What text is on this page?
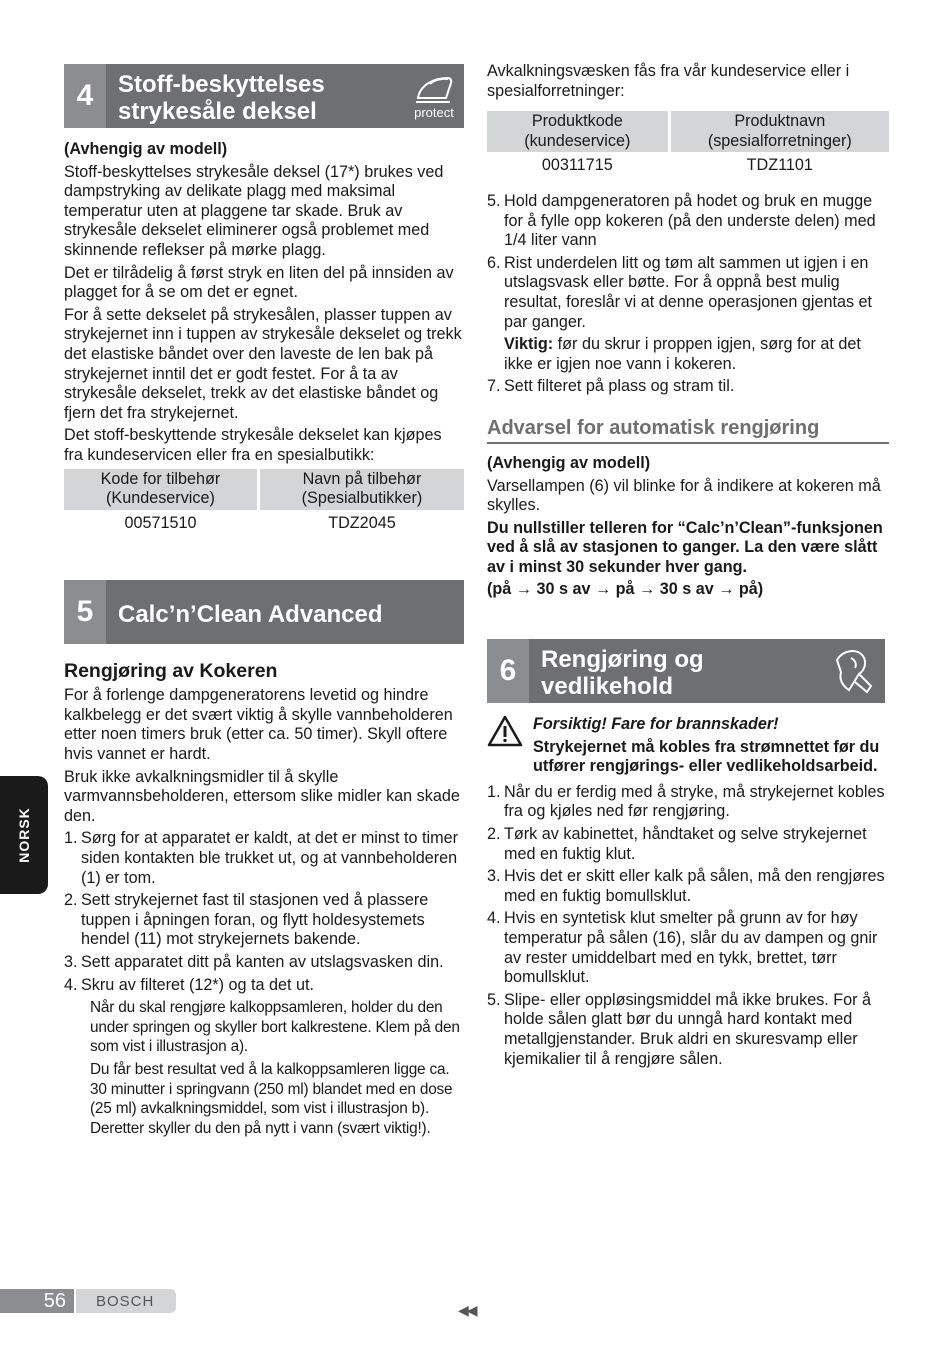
4	Stoff-beskyttelses strykesåle deksel	protect

(Avhengig av modell)

Stoff-beskyttelses strykesåle deksel (17*) brukes ved dampstryking av delikate plagg med maksimal temperatur uten at plaggene tar skade. Bruk av strykesåle dekselet eliminerer også problemet med skinnende reflekser på mørke plagg.

Det er tilrådelig å først stryk en liten del på innsiden av plagget for å se om det er egnet.

For å sette dekselet på strykesålen, plasser tuppen av strykejernet inn i tuppen av strykesåle dekselet og trekk det elastiske båndet over den laveste de len bak på strykejernet inntil det er godt festet. For å ta av strykesåle dekselet, trekk av det elastiske båndet og fjern det fra strykejernet.

Det stoff-beskyttende strykesåle dekselet kan kjøpes fra kundeservicen eller fra en spesialbutikk:

Kode for tilbehør (Kundeservice)	Navn på tilbehør (Spesialbutikker)
00571510	TDZ2045
5	Calc’n’Clean Advanced

Rengjøring av Kokeren

For å forlenge dampgeneratorens levetid og hindre kalkbelegg er det svært viktig å skylle vannbeholderen etter noen timers bruk (etter ca. 50 timer). Skyll oftere hvis vannet er hardt.

Bruk ikke avkalkningsmidler til å skylle varmvannsbeholderen, ettersom slike midler kan skade den.

1. Sørg for at apparatet er kaldt, at det er minst to timer siden kontakten ble trukket ut, og at vannbeholderen (1) er tom.
2. Sett strykejernet fast til stasjonen ved å plassere tuppen i åpningen foran, og flytt holdesystemets hendel (11) mot strykejernets bakende.
3. Sett apparatet ditt på kanten av utslagsvasken din.
4. Skru av filteret (12*) og ta det ut.

Når du skal rengjøre kalkoppsamleren, holder du den under springen og skyller bort kalkrestene. Klem på den som vist i illustrasjon a).

Du får best resultat ved å la kalkoppsamleren ligge ca. 30 minutter i springvann (250 ml) blandet med en dose (25 ml) avkalkningsmiddel, som vist i illustrasjon b). Deretter skyller du den på nytt i vann (svært viktig!).

Avkalkningsvæsken fås fra vår kundeservice eller i spesialforretninger:

Produktkode (kundeservice)	Produktnavn (spesialforretninger)
00311715	TDZ1101
5. Hold dampgeneratoren på hodet og bruk en mugge for å fylle opp kokeren (på den underste delen) med 1/4 liter vann
6. Rist underdelen litt og tøm alt sammen ut igjen i en utslagsvask eller bøtte. For å oppnå best mulig resultat, foreslår vi at denne operasjonen gjentas et par ganger.
Viktig: før du skrur i proppen igjen, sørg for at det ikke er igjen noe vann i kokeren.
7. Sett filteret på plass og stram til.
Advarsel for automatisk rengjøring

(Avhengig av modell)

Varsellampen (6) vil blinke for å indikere at kokeren må skylles.

Du nullstiller telleren for “Calc’n’Clean”-funksjonen ved å slå av stasjonen to ganger. La den være slått av i minst 30 sekunder hver gang.

(på → 30 s av → på → 30 s av → på)

6	Rengjøring og vedlikehold

Forsiktig! Fare for brannskader!

Strykejernet må kobles fra strømnettet før du utfører rengjørings- eller vedlikeholdsarbeid.

1. Når du er ferdig med å stryke, må strykejernet kobles fra og kjøles ned før rengjøring.
2. Tørk av kabinettet, håndtaket og selve strykejernet med en fuktig klut.
3. Hvis det er skitt eller kalk på sålen, må den rengjøres med en fuktig bomullsklut.
4. Hvis en syntetisk klut smelter på grunn av for høy temperatur på sålen (16), slår du av dampen og gnir av rester umiddelbart med en tykk, brettet, tørr bomullsklut.
5. Slipe- eller oppløsingsmiddel må ikke brukes. For å holde sålen glatt bør du unngå hard kontakt med metallgjenstander. Bruk aldri en skuresvamp eller kjemikalier til å rengjøre sålen.
NORSK
56	BOSCH
◀◀
